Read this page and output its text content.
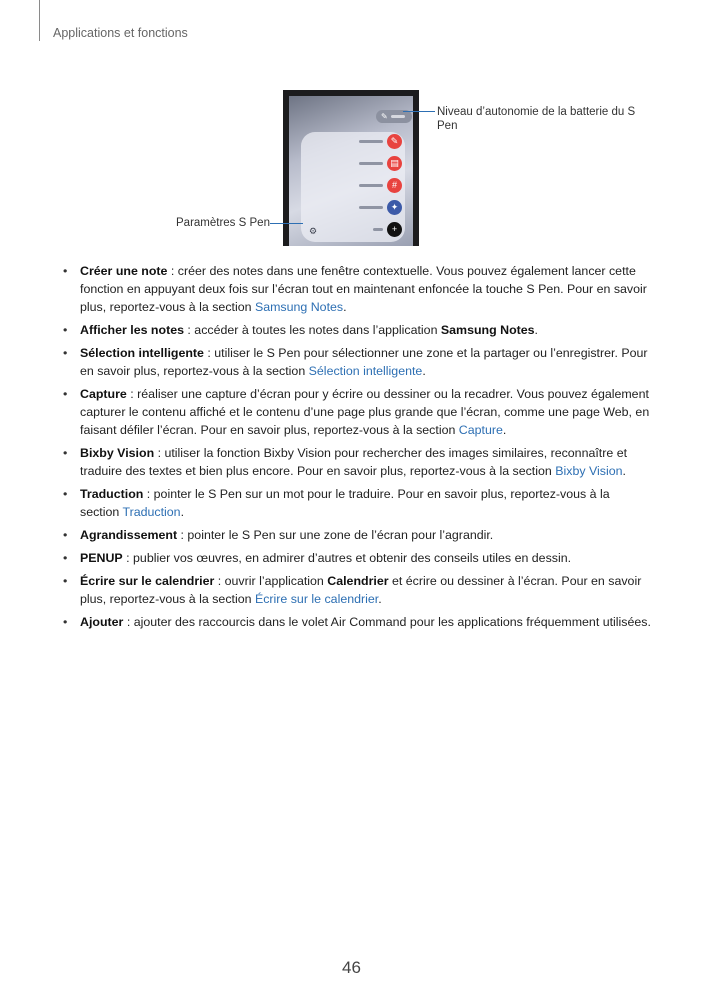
Applications et fonctions
✎
✎
▤
#
✦
+
⚙
Niveau d’autonomie de la batterie du S Pen
Paramètres S Pen
• Créer une note : créer des notes dans une fenêtre contextuelle. Vous pouvez également lancer cette fonction en appuyant deux fois sur l’écran tout en maintenant enfoncée la touche S Pen. Pour en savoir plus, reportez-vous à la section Samsung Notes.
• Afficher les notes : accéder à toutes les notes dans l’application Samsung Notes.
• Sélection intelligente : utiliser le S Pen pour sélectionner une zone et la partager ou l’enregistrer. Pour en savoir plus, reportez-vous à la section Sélection intelligente.
• Capture : réaliser une capture d’écran pour y écrire ou dessiner ou la recadrer. Vous pouvez également capturer le contenu affiché et le contenu d’une page plus grande que l’écran, comme une page Web, en faisant défiler l’écran. Pour en savoir plus, reportez-vous à la section Capture.
• Bixby Vision : utiliser la fonction Bixby Vision pour rechercher des images similaires, reconnaître et traduire des textes et bien plus encore. Pour en savoir plus, reportez-vous à la section Bixby Vision.
• Traduction : pointer le S Pen sur un mot pour le traduire. Pour en savoir plus, reportez-vous à la section Traduction.
• Agrandissement : pointer le S Pen sur une zone de l’écran pour l’agrandir.
• PENUP : publier vos œuvres, en admirer d’autres et obtenir des conseils utiles en dessin.
• Écrire sur le calendrier : ouvrir l’application Calendrier et écrire ou dessiner à l’écran. Pour en savoir plus, reportez-vous à la section Écrire sur le calendrier.
• Ajouter : ajouter des raccourcis dans le volet Air Command pour les applications fréquemment utilisées.
46
